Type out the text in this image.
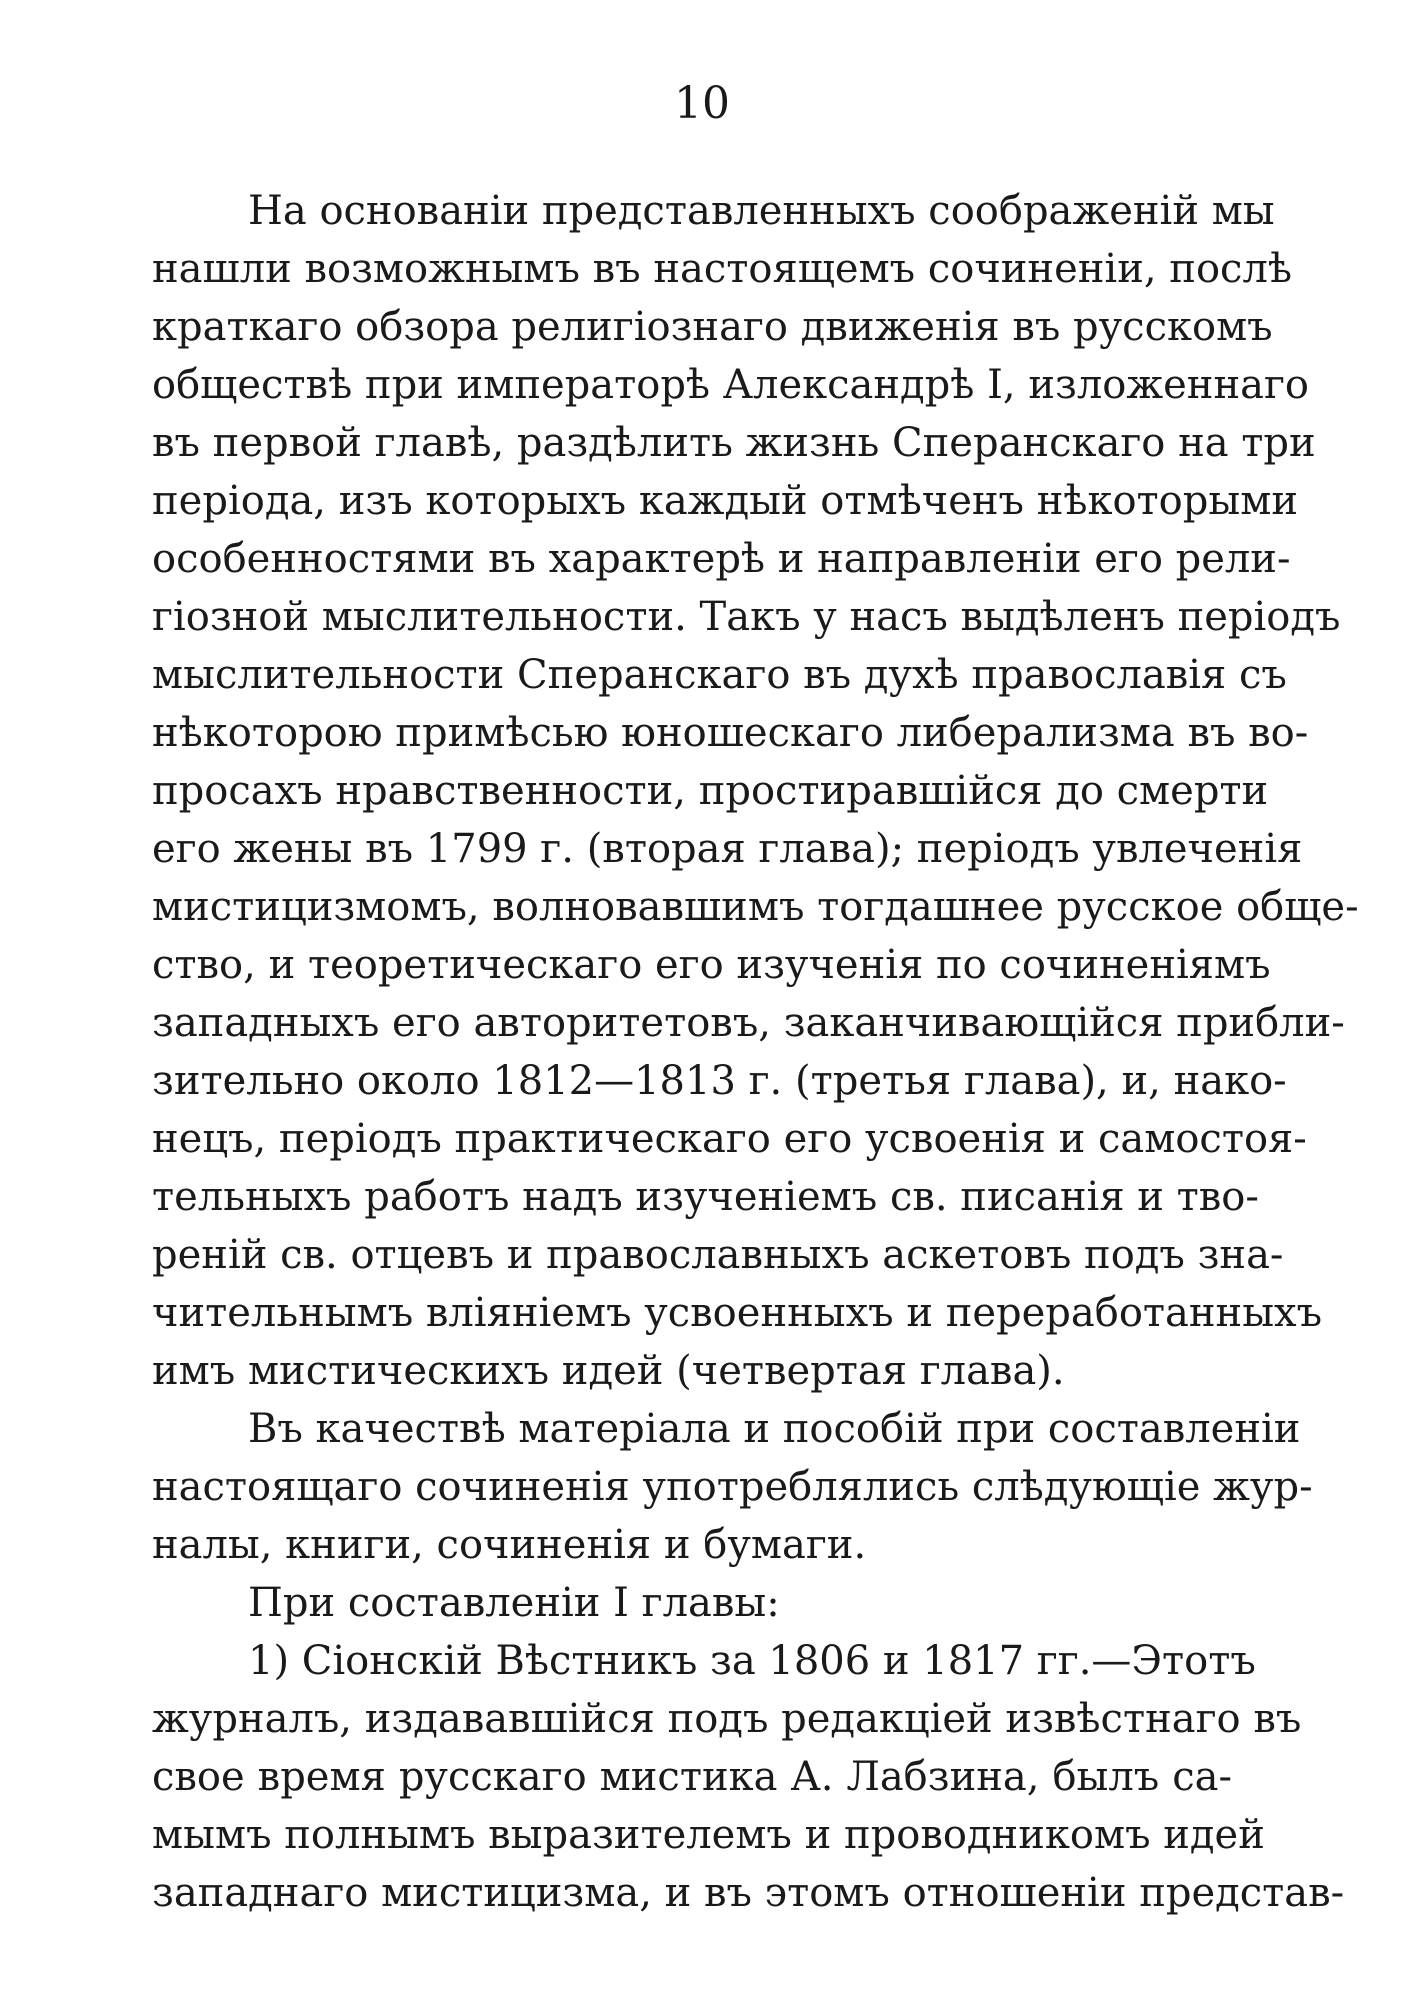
10
На основанiи представленныхъ соображенiй мы
нашли возможнымъ въ настоящемъ сочиненiи, послѣ
краткаго обзора религiознаго движенiя въ русскомъ
обществѣ при императорѣ Александрѣ I, изложеннаго
въ первой главѣ, раздѣлить жизнь Сперанскаго на три
перiода, изъ которыхъ каждый отмѣченъ нѣкоторыми
особенностями въ характерѣ и направленiи его рели-
гiозной мыслительности. Такъ у насъ выдѣленъ перiодъ
мыслительности Сперанскаго въ духѣ православiя съ
нѣкоторою примѣсью юношескаго либерализма въ во-
просахъ нравственности, простиравшiйся до смерти
его жены въ 1799 г. (вторая глава); перiодъ увлеченiя
мистицизмомъ, волновавшимъ тогдашнее русское обще-
ство, и теоретическаго его изученiя по сочиненiямъ
западныхъ его авторитетовъ, заканчивающiйся прибли-
зительно около 1812—1813 г. (третья глава), и, нако-
нецъ, перiодъ практическаго его усвоенiя и самостоя-
тельныхъ работъ надъ изученiемъ св. писанiя и тво-
ренiй св. отцевъ и православныхъ аскетовъ подъ зна-
чительнымъ влiянiемъ усвоенныхъ и переработанныхъ
имъ мистическихъ идей (четвертая глава).
Въ качествѣ матерiала и пособiй при составленiи
настоящаго сочиненiя употреблялись слѣдующiе жур-
налы, книги, сочиненiя и бумаги.
При составленiи I главы:
1) Сiонскiй Вѣстникъ за 1806 и 1817 гг.—Этотъ
журналъ, издававшiйся подъ редакцiей извѣстнаго въ
свое время русскаго мистика А. Лабзина, былъ са-
мымъ полнымъ выразителемъ и проводникомъ идей
западнаго мистицизма, и въ этомъ отношенiи представ-
